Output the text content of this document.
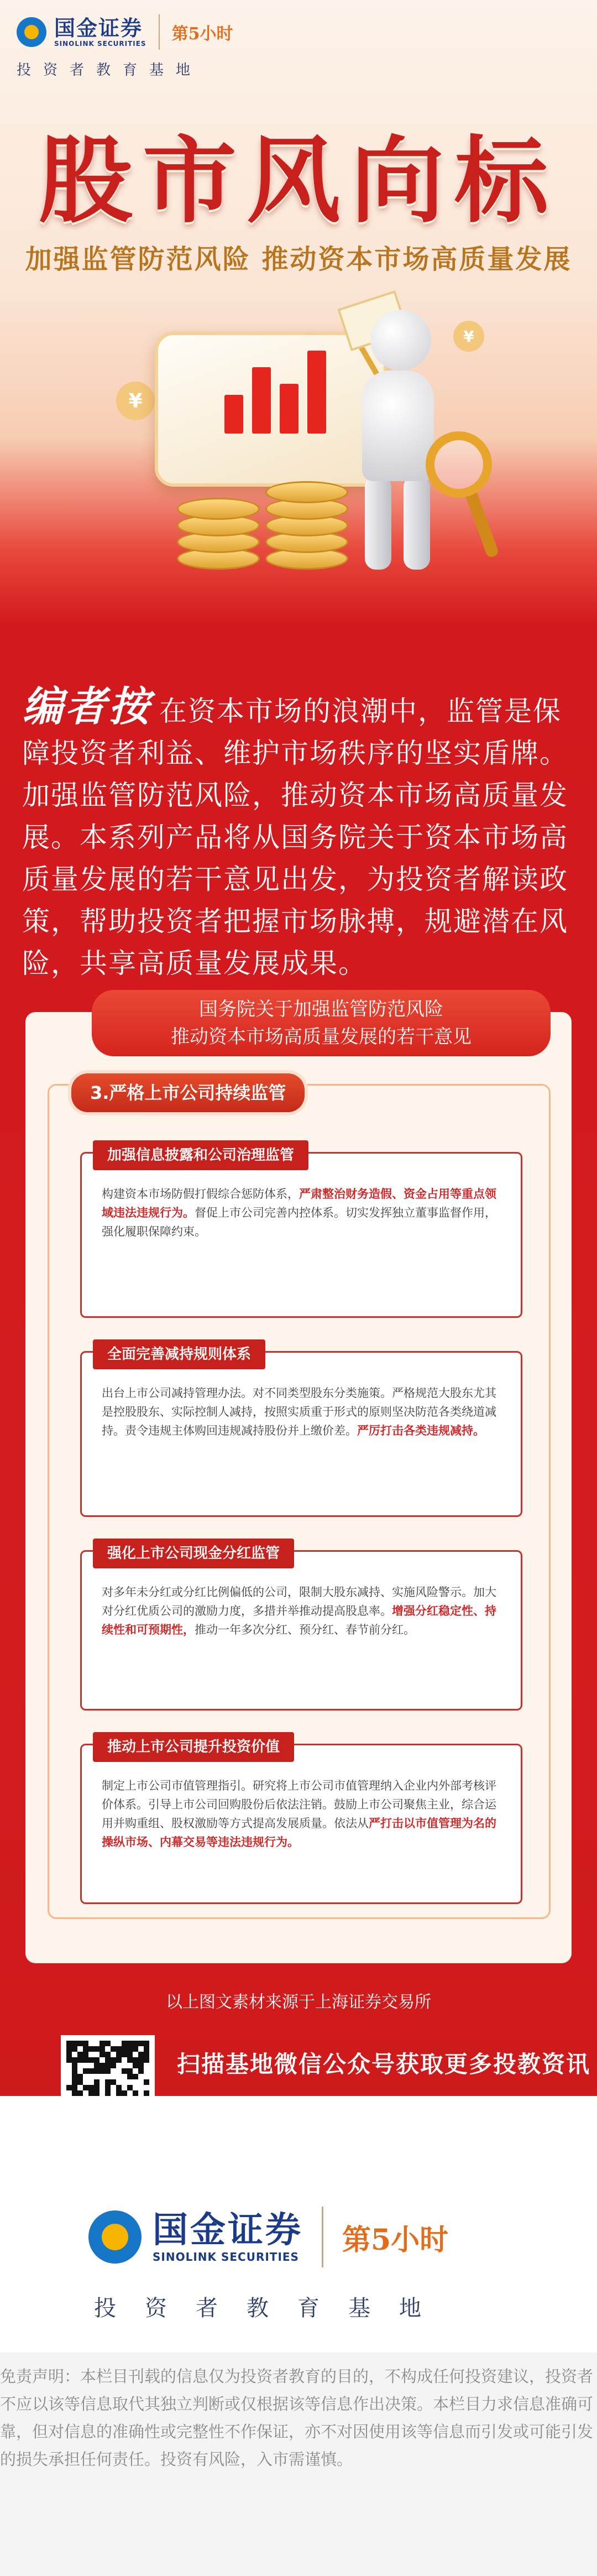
国金证券
SINOLINK SECURITIES 第5小时
投资者教育基地
股市风向标
加强监管防范风险 推动资本市场高质量发展
¥
¥
编者按 在资本市场的浪潮中，监管是保障投资者利益、维护市场秩序的坚实盾牌。加强监管防范风险，推动资本市场高质量发展。本系列产品将从国务院关于资本市场高质量发展的若干意见出发，为投资者解读政策，帮助投资者把握市场脉搏，规避潜在风险，共享高质量发展成果。
国务院关于加强监管防范风险
推动资本市场高质量发展的若干意见
3.严格上市公司持续监管
加强信息披露和公司治理监管
构建资本市场防假打假综合惩防体系，严肃整治财务造假、资金占用等重点领域违法违规行为。督促上市公司完善内控体系。切实发挥独立董事监督作用，强化履职保障约束。
全面完善减持规则体系
出台上市公司减持管理办法。对不同类型股东分类施策。严格规范大股东尤其是控股股东、实际控制人减持，按照实质重于形式的原则坚决防范各类绕道减持。责令违规主体购回违规减持股份并上缴价差。严厉打击各类违规减持。
强化上市公司现金分红监管
对多年未分红或分红比例偏低的公司，限制大股东减持、实施风险警示。加大对分红优质公司的激励力度，多措并举推动提高股息率。增强分红稳定性、持续性和可预期性，推动一年多次分红、预分红、春节前分红。
推动上市公司提升投资价值
制定上市公司市值管理指引。研究将上市公司市值管理纳入企业内外部考核评价体系。引导上市公司回购股份后依法注销。鼓励上市公司聚焦主业，综合运用并购重组、股权激励等方式提高发展质量。依法从严打击以市值管理为名的操纵市场、内幕交易等违法违规行为。
以上图文素材来源于上海证券交易所
扫描基地微信公众号获取更多投教资讯
国金证券
SINOLINK SECURITIES
第5小时
投资者教育基地
免责声明：本栏目刊载的信息仅为投资者教育的目的，不构成任何投资建议，投资者不应以该等信息取代其独立判断或仅根据该等信息作出决策。本栏目力求信息准确可靠，但对信息的准确性或完整性不作保证，亦不对因使用该等信息而引发或可能引发的损失承担任何责任。投资有风险，入市需谨慎。
